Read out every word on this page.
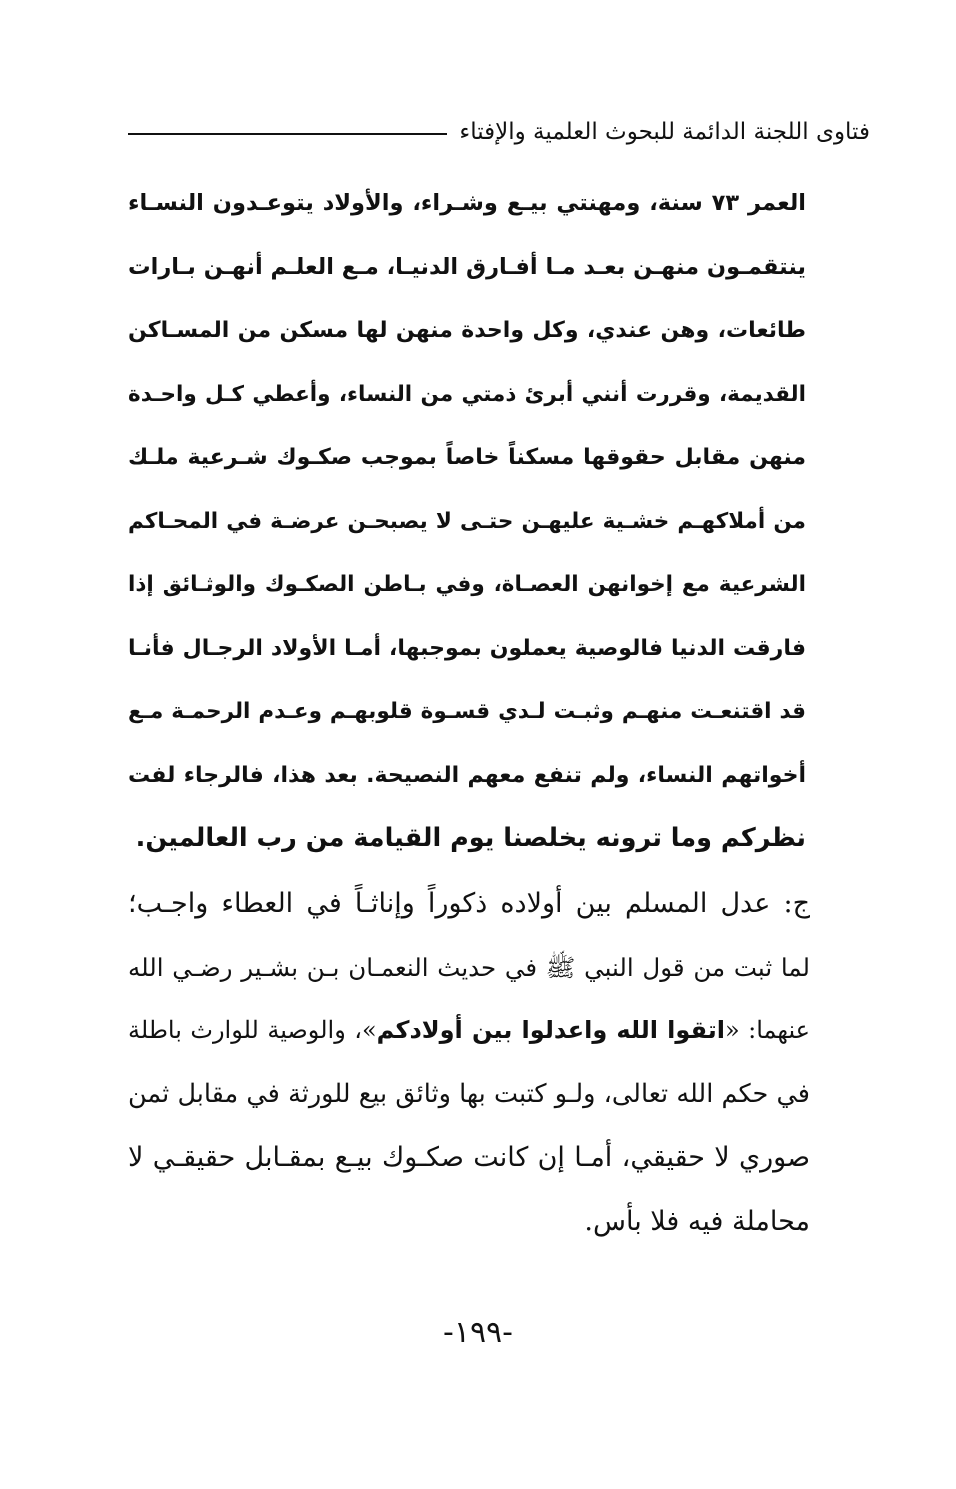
فتاوى اللجنة الدائمة للبحوث العلمية والإفتاء
العمر ٧٣ سنة، ومهنتي بيـع وشـراء، والأولاد يتوعـدون النسـاء
ينتقمـون منهـن بعـد مـا أفـارق الدنيـا، مـع العلـم أنهـن بـارات
طائعات، وهن عندي، وكل واحدة منهن لها مسكن من المسـاكن
القديمة، وقررت أنني أبرئ ذمتي من النساء، وأعطي كـل واحـدة
منهن مقابل حقوقها مسكناً خاصاً بموجب صكـوك شـرعية ملـك
من أملاكهـم خشـية عليهـن حتـى لا يصبحـن عرضـة في المحـاكم
الشرعية مع إخوانهن العصـاة، وفي بـاطن الصكـوك والوثـائق إذا
فارقت الدنيا فالوصية يعملون بموجبها، أمـا الأولاد الرجـال فأنـا
قد اقتنعـت منهـم وثبـت لـدي قسـوة قلوبهـم وعـدم الرحمـة مـع
أخواتهم النساء، ولم تنفع معهم النصيحة. بعد هذا، فالرجاء لفت
نظركم وما ترونه يخلصنا يوم القيامة من رب العالمين.
ج: عدل المسلم بين أولاده ذكوراً وإناثـاً في العطاء واجـب؛
لما ثبت من قول النبي ﷺ في حديث النعمـان بـن بشـير رضـي الله
عنهما: «اتقوا الله واعدلوا بين أولادكم»، والوصية للوارث باطلة
في حكم الله تعالى، ولـو كتبت بها وثائق بيع للورثة في مقابل ثمن
صوري لا حقيقي، أمـا إن كانت صكـوك بيـع بمقـابل حقيقـي لا
محاملة فيه فلا بأس.
-١٩٩-
